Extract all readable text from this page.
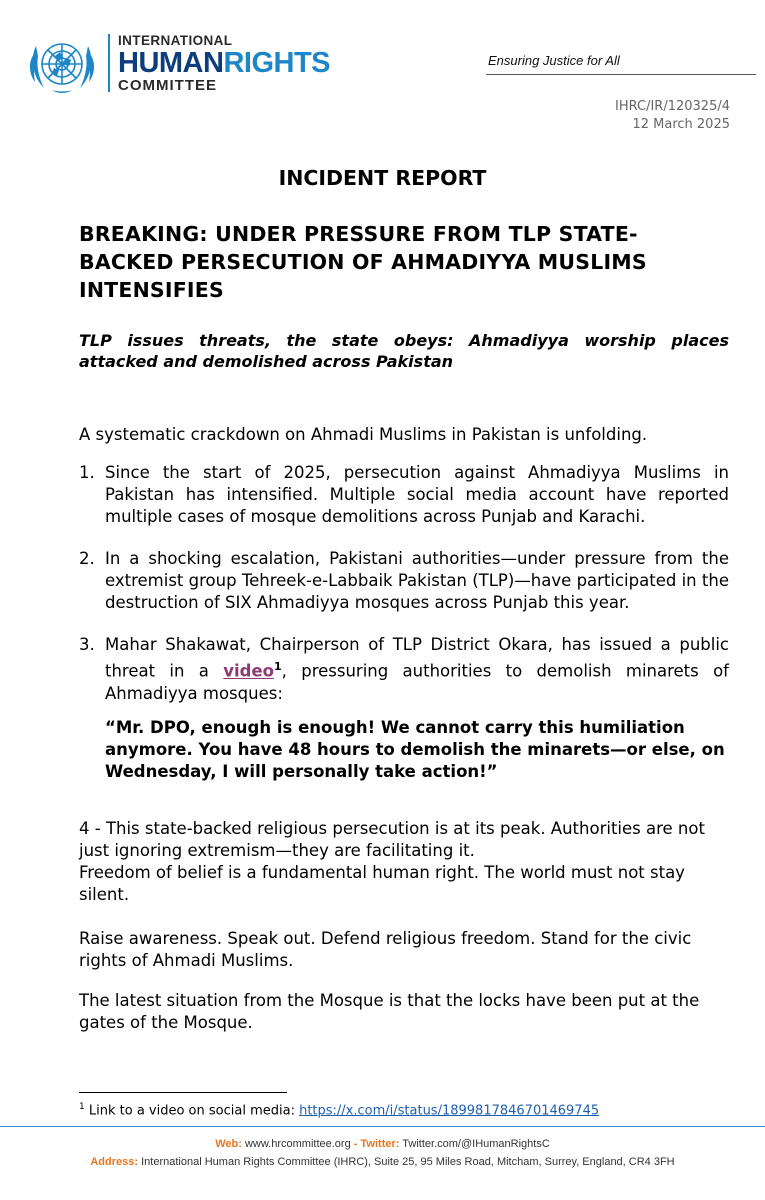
INTERNATIONAL
HUMANRIGHTS
COMMITTEE
Ensuring Justice for All
IHRC/IR/120325/4
12 March 2025
INCIDENT REPORT
BREAKING: UNDER PRESSURE FROM TLP STATE-BACKED PERSECUTION OF AHMADIYYA MUSLIMS INTENSIFIES
TLP issues threats, the state obeys: Ahmadiyya worship places attacked and demolished across Pakistan
A systematic crackdown on Ahmadi Muslims in Pakistan is unfolding.
1. Since the start of 2025, persecution against Ahmadiyya Muslims in Pakistan has intensified. Multiple social media account have reported multiple cases of mosque demolitions across Punjab and Karachi.
2. In a shocking escalation, Pakistani authorities—under pressure from the extremist group Tehreek-e-Labbaik Pakistan (TLP)—have participated in the destruction of SIX Ahmadiyya mosques across Punjab this year.
3. Mahar Shakawat, Chairperson of TLP District Okara, has issued a public threat in a video$^1$, pressuring authorities to demolish minarets of Ahmadiyya mosques:
“Mr. DPO, enough is enough! We cannot carry this humiliation anymore. You have 48 hours to demolish the minarets—or else, on Wednesday, I will personally take action!”
4 - This state-backed religious persecution is at its peak. Authorities are not just ignoring extremism—they are facilitating it.
Freedom of belief is a fundamental human right. The world must not stay silent.
Raise awareness. Speak out. Defend religious freedom. Stand for the civic rights of Ahmadi Muslims.
The latest situation from the Mosque is that the locks have been put at the gates of the Mosque.
$^1$ Link to a video on social media: https://x.com/i/status/1899817846701469745
Web: www.hrcommittee.org - Twitter: Twitter.com/@IHumanRightsC
Address: International Human Rights Committee (IHRC), Suite 25, 95 Miles Road, Mitcham, Surrey, England, CR4 3FH
